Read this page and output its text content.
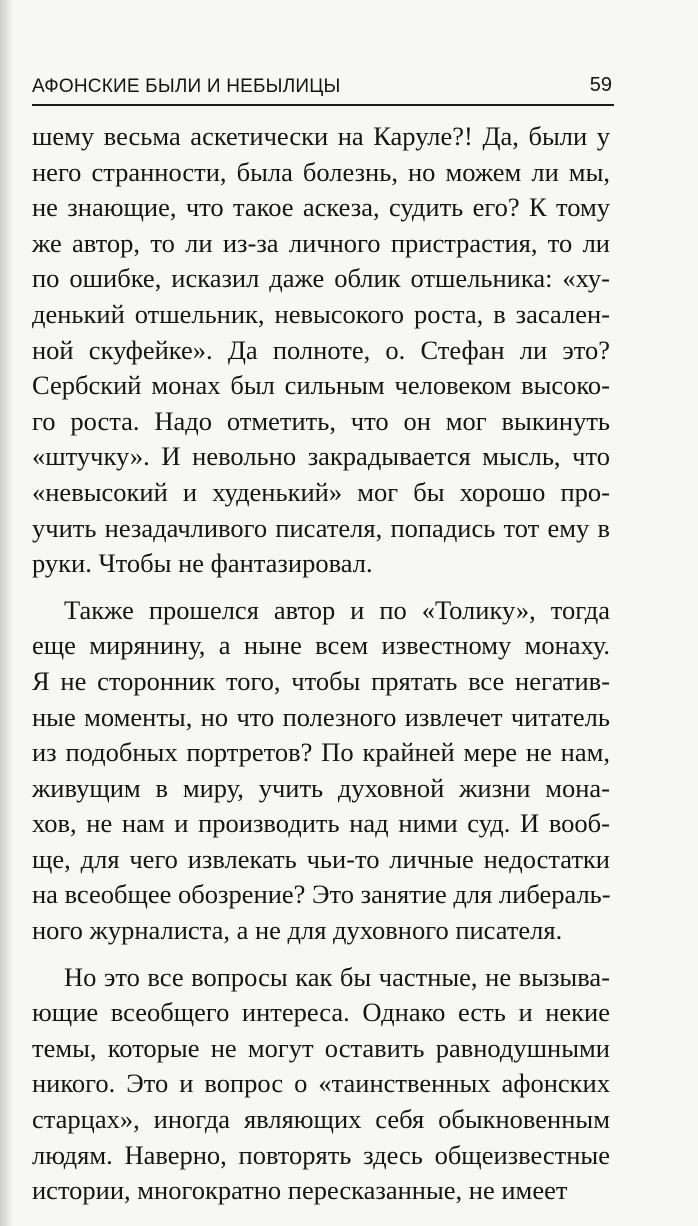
АФОНСКИЕ БЫЛИ И НЕБЫЛИЦЫ	59
шему весьма аскетически на Каруле?! Да, были у
него странности, была болезнь, но можем ли мы,
не знающие, что такое аскеза, судить его? К тому
же автор, то ли из-за личного пристрастия, то ли
по ошибке, исказил даже облик отшельника: «ху-
денький отшельник, невысокого роста, в засален-
ной скуфейке». Да полноте, о. Стефан ли это?
Сербский монах был сильным человеком высоко-
го роста. Надо отметить, что он мог выкинуть
«штучку». И невольно закрадывается мысль, что
«невысокий и худенький» мог бы хорошо про-
учить незадачливого писателя, попадись тот ему в
руки. Чтобы не фантазировал.
Также прошелся автор и по «Толику», тогда
еще мирянину, а ныне всем известному монаху.
Я не сторонник того, чтобы прятать все негатив-
ные моменты, но что полезного извлечет читатель
из подобных портретов? По крайней мере не нам,
живущим в миру, учить духовной жизни мона-
хов, не нам и производить над ними суд. И вооб-
ще, для чего извлекать чьи-то личные недостатки
на всеобщее обозрение? Это занятие для либераль-
ного журналиста, а не для духовного писателя.
Но это все вопросы как бы частные, не вызыва-
ющие всеобщего интереса. Однако есть и некие
темы, которые не могут оставить равнодушными
никого. Это и вопрос о «таинственных афонских
старцах», иногда являющих себя обыкновенным
людям. Наверно, повторять здесь общеизвестные
истории, многократно пересказанные, не имеет
